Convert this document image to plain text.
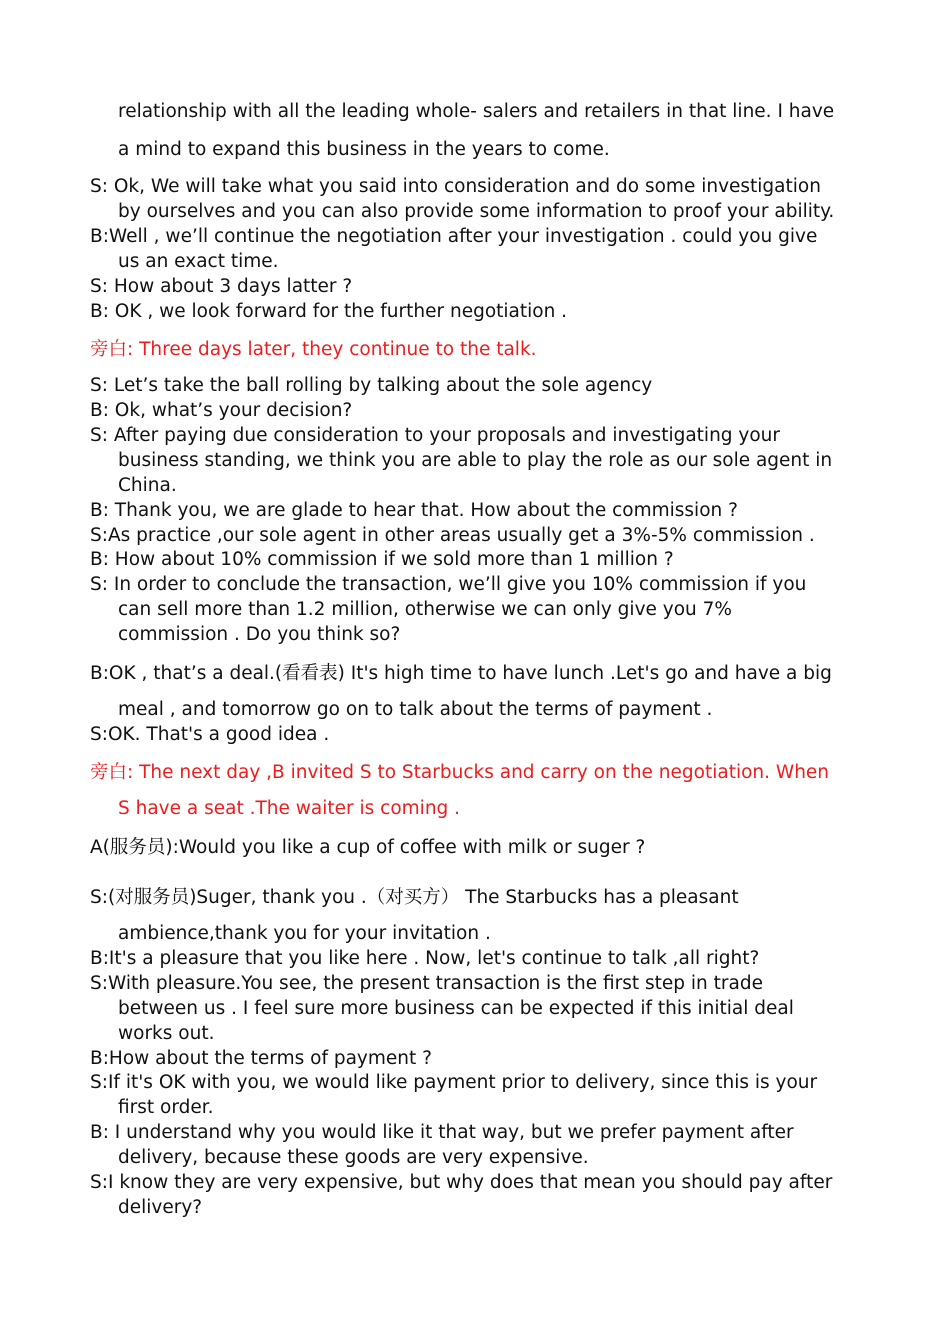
relationship with all the leading whole- salers and retailers in that line. I have

a mind to expand this business in the years to come.

S: Ok, We will take what you said into consideration and do some investigation

by ourselves and you can also provide some information to proof your ability.

B:Well , we’ll continue the negotiation after your investigation . could you give

us an exact time.

S: How about 3 days latter ?

B: OK , we look forward for the further negotiation .

旁白: Three days later, they continue to the talk.

S: Let’s take the ball rolling by talking about the sole agency

B: Ok, what’s your decision?

S: After paying due consideration to your proposals and investigating your

business standing, we think you are able to play the role as our sole agent in

China.

B: Thank you, we are glade to hear that. How about the commission ?

S:As practice ,our sole agent in other areas usually get a 3%-5% commission .

B: How about 10% commission if we sold more than 1 million ?

S: In order to conclude the transaction, we’ll give you 10% commission if you

can sell more than 1.2 million, otherwise we can only give you 7%

commission . Do you think so?

B:OK , that’s a deal.(看看表) It's high time to have lunch .Let's go and have a big

meal , and tomorrow go on to talk about the terms of payment .

S:OK. That's a good idea .

旁白: The next day ,B invited S to Starbucks and carry on the negotiation. When

S have a seat .The waiter is coming .

A(服务员):Would you like a cup of coffee with milk or suger ?

S:(对服务员)Suger, thank you .（对买方） The Starbucks has a pleasant

ambience,thank you for your invitation .

B:It's a pleasure that you like here . Now, let's continue to talk ,all right?

S:With pleasure.You see, the present transaction is the first step in trade

between us . I feel sure more business can be expected if this initial deal

works out.

B:How about the terms of payment ?

S:If it's OK with you, we would like payment prior to delivery, since this is your

first order.

B: I understand why you would like it that way, but we prefer payment after

delivery, because these goods are very expensive.

S:I know they are very expensive, but why does that mean you should pay after

delivery?
